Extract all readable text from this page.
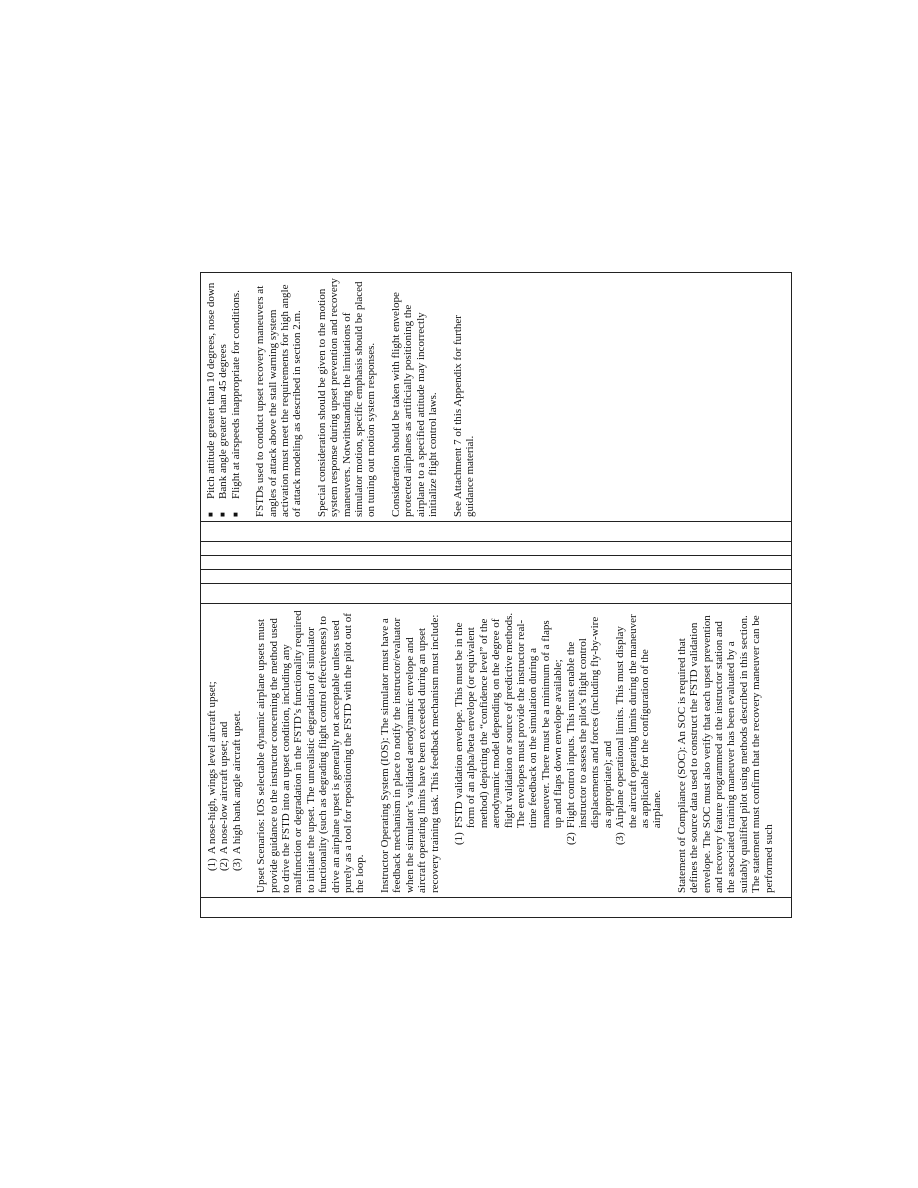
(1)
A nose-high, wings level aircraft upset;
(2)
A nose-low aircraft upset; and
(3)
A high bank angle aircraft upset. Upset Scenarios: IOS selectable dynamic airplane upsets must provide guidance to the instructor concerning the method used to drive the FSTD into an upset condition, including any malfunction or degradation in the FSTD’s functionality required to initiate the upset. The unrealistic degradation of simulator functionality (such as degrading flight control effectiveness) to drive an airplane upset is generally not acceptable unless used purely as a tool for repositioning the FSTD with the pilot out of the loop. Instructor Operating System (IOS): The simulator must have a feedback mechanism in place to notify the instructor/evaluator when the simulator’s validated aerodynamic envelope and aircraft operating limits have been exceeded during an upset recovery training task. This feedback mechanism must include: (1)
FSTD validation envelope. This must be in the form of an alpha/beta envelope (or equivalent method) depicting the “confidence level” of the aerodynamic model depending on the degree of flight validation or source of predictive methods. The envelopes must provide the instructor real-time feedback on the simulation during a maneuver. There must be a minimum of a flaps up and flaps down envelope available;
(2)
Flight control inputs. This must enable the instructor to assess the pilot’s flight control displacements and forces (including fly-by-wire as appropriate); and
(3)
Airplane operational limits. This must display the aircraft operating limits during the maneuver as applicable for the configuration of the airplane. Statement of Compliance (SOC): An SOC is required that defines the source data used to construct the FSTD validation envelope. The SOC must also verify that each upset prevention and recovery feature programmed at the instructor station and the associated training maneuver has been evaluated by a suitably qualified pilot using methods described in this section. The statement must confirm that the recovery maneuver can be performed such

■
Pitch attitude greater than 10 degrees, nose down
■
Bank angle greater than 45 degrees
■
Flight at airspeeds inappropriate for conditions. FSTDs used to conduct upset recovery maneuvers at angles of attack above the stall warning system activation must meet the requirements for high angle of attack modeling as described in section 2.m. Special consideration should be given to the motion system response during upset prevention and recovery maneuvers. Notwithstanding the limitations of simulator motion, specific emphasis should be placed on tuning out motion system responses. Consideration should be taken with flight envelope protected airplanes as artificially positioning the airplane to a specified attitude may incorrectly initialize flight control laws. See Attachment 7 of this Appendix for further guidance material.
